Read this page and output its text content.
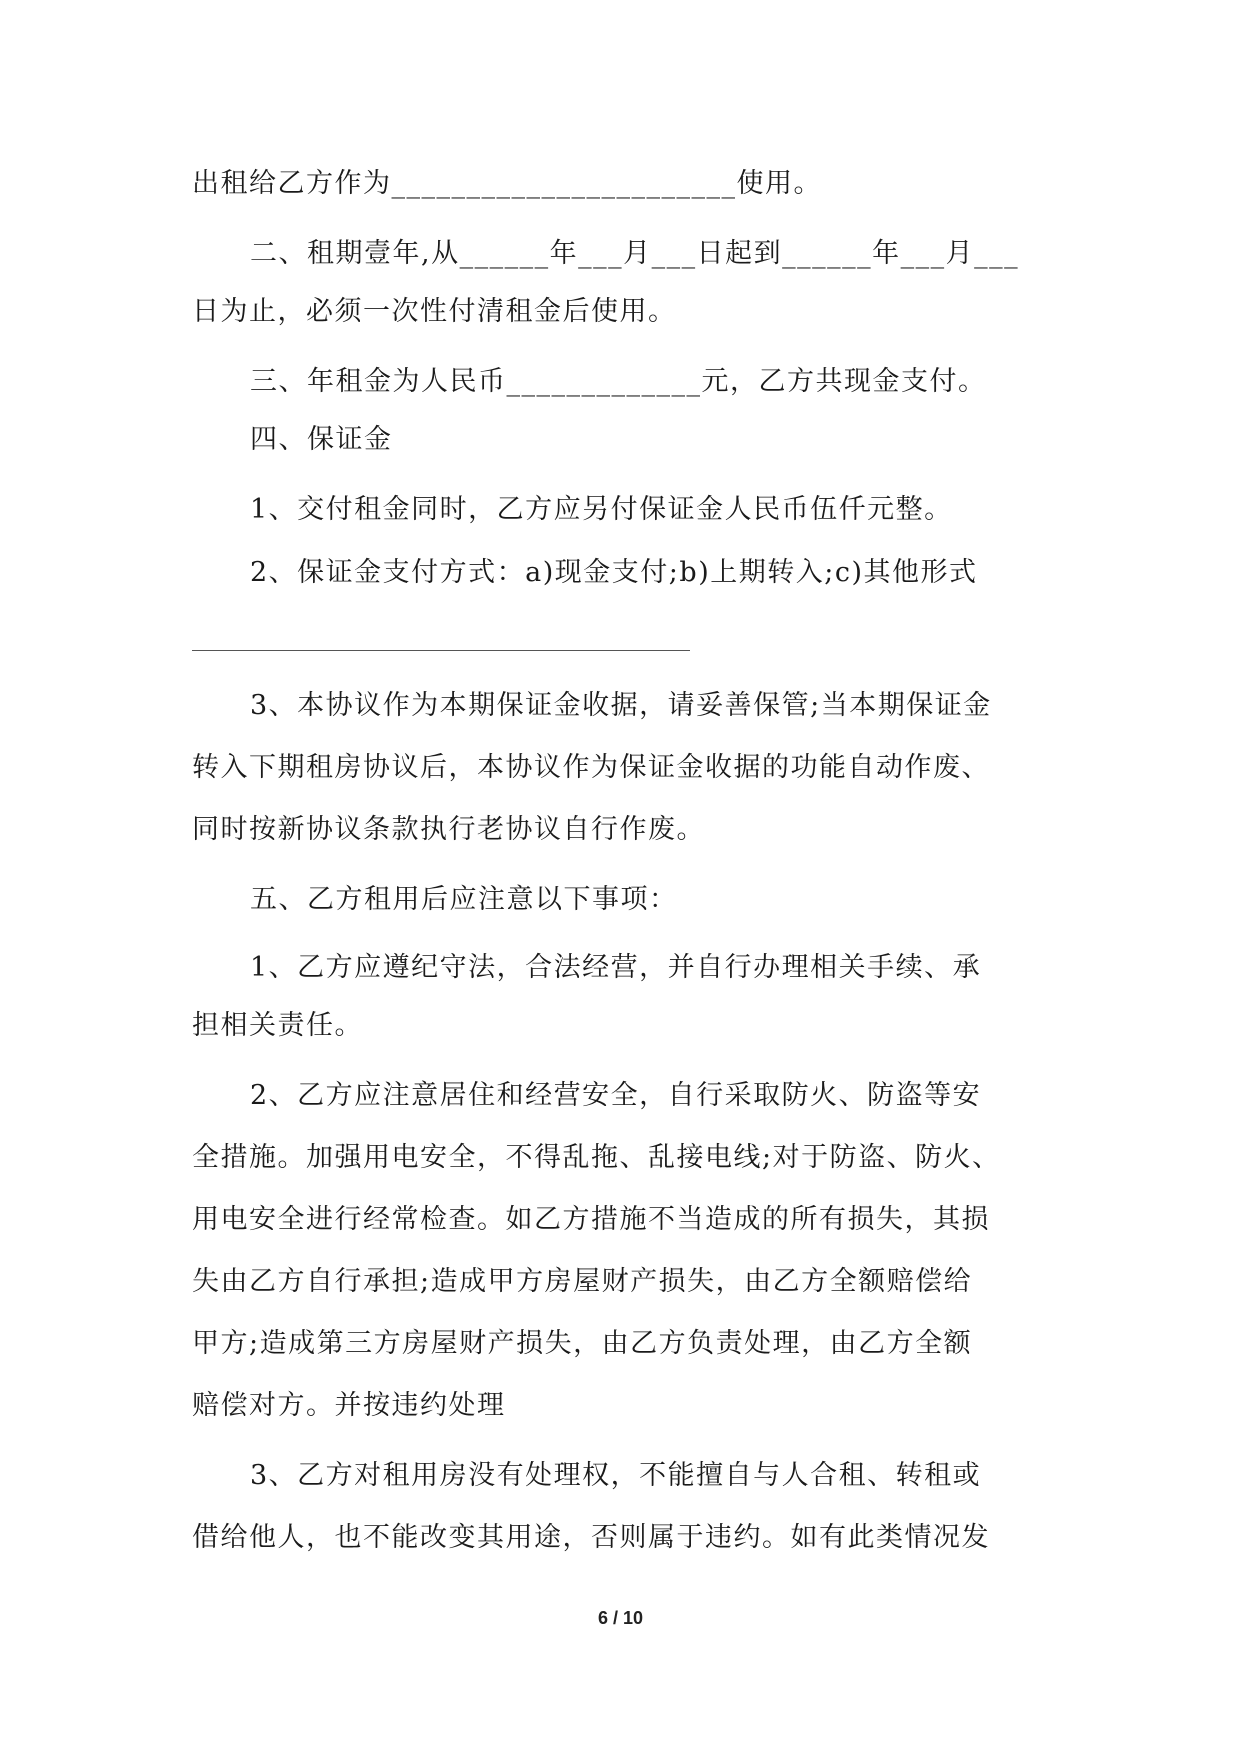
出租给乙方作为_______________________使用。
二、租期壹年,从______年___月___日起到______年___月___
日为止，必须一次性付清租金后使用。
三、年租金为人民币_____________元，乙方共现金支付。
四、保证金
1、交付租金同时，乙方应另付保证金人民币伍仟元整。
2、保证金支付方式：a)现金支付;b)上期转入;c)其他形式
3、本协议作为本期保证金收据，请妥善保管;当本期保证金
转入下期租房协议后，本协议作为保证金收据的功能自动作废、
同时按新协议条款执行老协议自行作废。
五、乙方租用后应注意以下事项：
1、乙方应遵纪守法，合法经营，并自行办理相关手续、承
担相关责任。
2、乙方应注意居住和经营安全，自行采取防火、防盗等安
全措施。加强用电安全，不得乱拖、乱接电线;对于防盗、防火、
用电安全进行经常检查。如乙方措施不当造成的所有损失，其损
失由乙方自行承担;造成甲方房屋财产损失，由乙方全额赔偿给
甲方;造成第三方房屋财产损失，由乙方负责处理，由乙方全额
赔偿对方。并按违约处理
3、乙方对租用房没有处理权，不能擅自与人合租、转租或
借给他人，也不能改变其用途，否则属于违约。如有此类情况发
6 / 10
